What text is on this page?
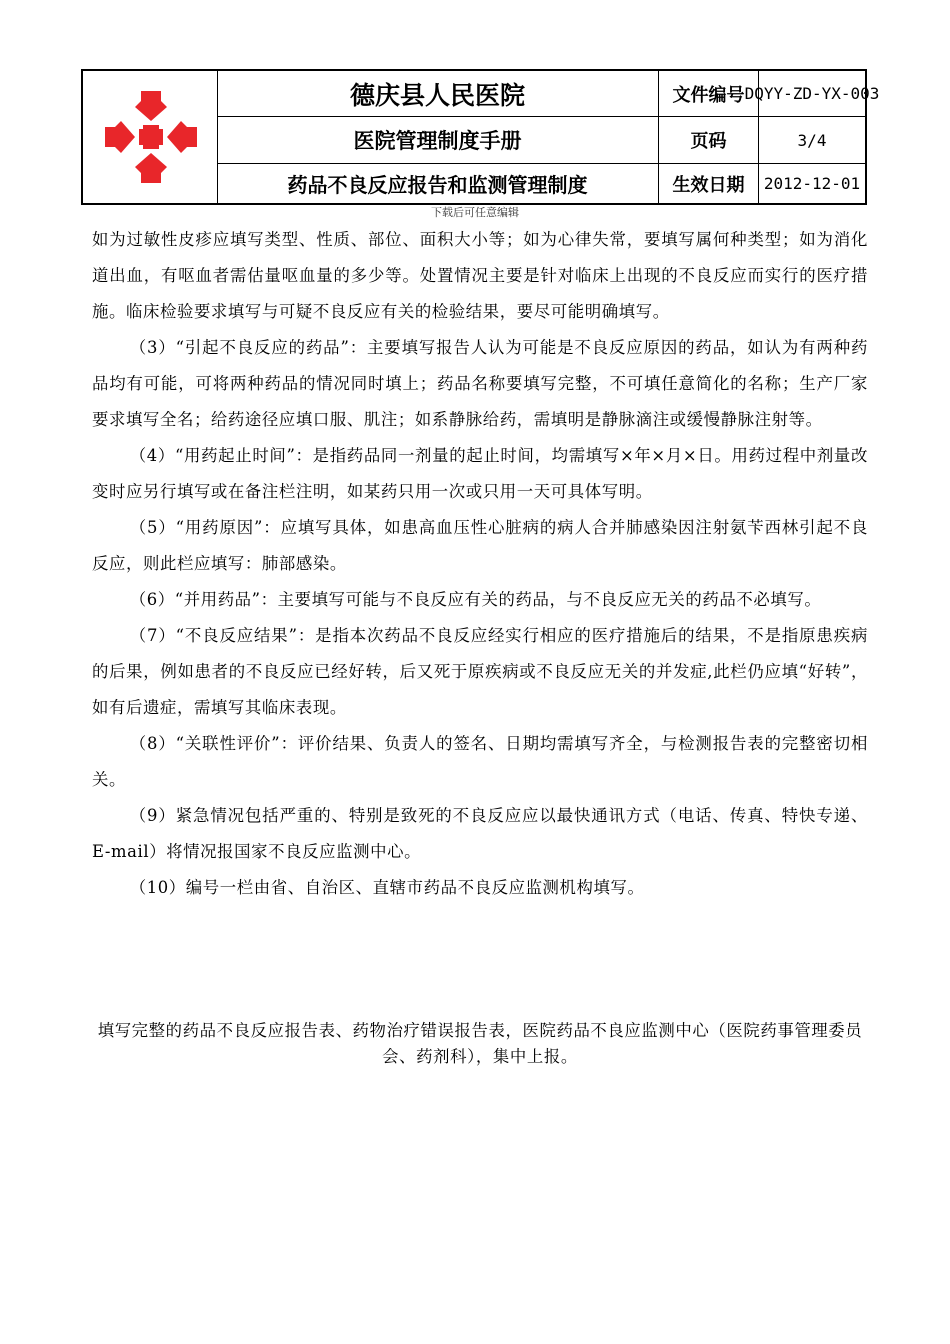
德庆县人民医院	文件编号 DQYY-ZD-YX-003
医院管理制度手册	页码	3/4
药品不良反应报告和监测管理制度	生效日期	2012-12-01
下载后可任意编辑

如为过敏性皮疹应填写类型、性质、部位、面积大小等；如为心律失常，要填写属何种类型；如为消化道出血，有呕血者需估量呕血量的多少等。处置情况主要是针对临床上出现的不良反应而实行的医疗措施。临床检验要求填写与可疑不良反应有关的检验结果，要尽可能明确填写。

（3）“引起不良反应的药品”：主要填写报告人认为可能是不良反应原因的药品，如认为有两种药品均有可能，可将两种药品的情况同时填上；药品名称要填写完整，不可填任意简化的名称；生产厂家要求填写全名；给药途径应填口服、肌注；如系静脉给药，需填明是静脉滴注或缓慢静脉注射等。

（4）“用药起止时间”：是指药品同一剂量的起止时间，均需填写×年×月×日。用药过程中剂量改变时应另行填写或在备注栏注明，如某药只用一次或只用一天可具体写明。

（5）“用药原因”：应填写具体，如患高血压性心脏病的病人合并肺感染因注射氨苄西林引起不良反应，则此栏应填写：肺部感染。

（6）“并用药品”：主要填写可能与不良反应有关的药品，与不良反应无关的药品不必填写。

（7）“不良反应结果”：是指本次药品不良反应经实行相应的医疗措施后的结果，不是指原患疾病的后果，例如患者的不良反应已经好转，后又死于原疾病或不良反应无关的并发症,此栏仍应填“好转”，如有后遗症，需填写其临床表现。

（8）“关联性评价”：评价结果、负责人的签名、日期均需填写齐全，与检测报告表的完整密切相关。

（9）紧急情况包括严重的、特别是致死的不良反应应以最快通讯方式（电话、传真、特快专递、E-mail）将情况报国家不良反应监测中心。

（10）编号一栏由省、自治区、直辖市药品不良反应监测机构填写。

填写完整的药品不良反应报告表、药物治疗错误报告表，医院药品不良应监测中心（医院药事管理委员会、药剂科），集中上报。
